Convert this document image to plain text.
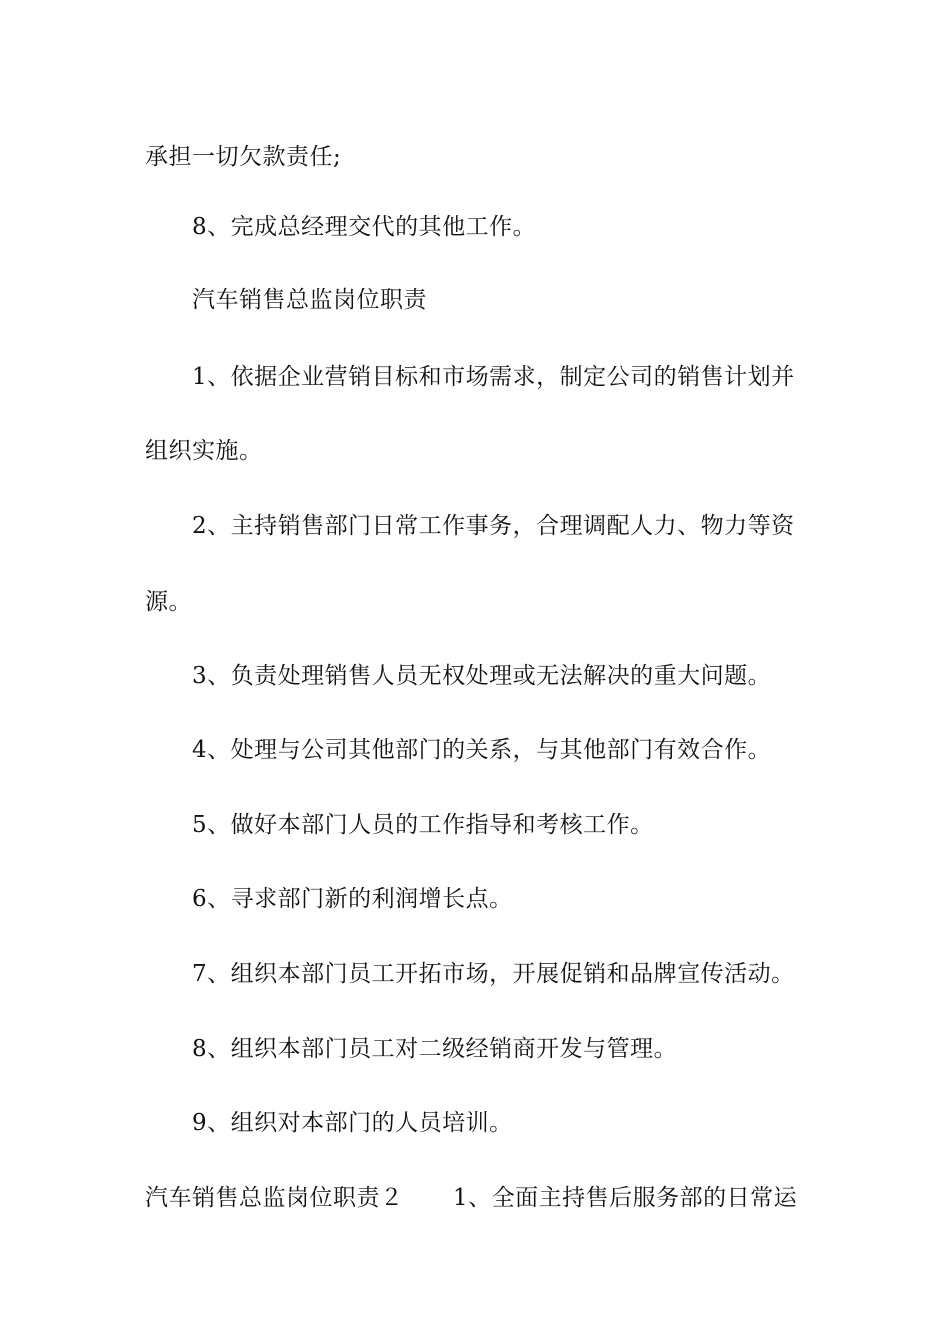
承担一切欠款责任;
8、完成总经理交代的其他工作。
汽车销售总监岗位职责
1、依据企业营销目标和市场需求，制定公司的销售计划并
组织实施。
2、主持销售部门日常工作事务，合理调配人力、物力等资
源。
3、负责处理销售人员无权处理或无法解决的重大问题。
4、处理与公司其他部门的关系，与其他部门有效合作。
5、做好本部门人员的工作指导和考核工作。
6、寻求部门新的利润增长点。
7、组织本部门员工开拓市场，开展促销和品牌宣传活动。
8、组织本部门员工对二级经销商开发与管理。
9、组织对本部门的人员培训。
汽车销售总监岗位职责２ 1、全面主持售后服务部的日常运
